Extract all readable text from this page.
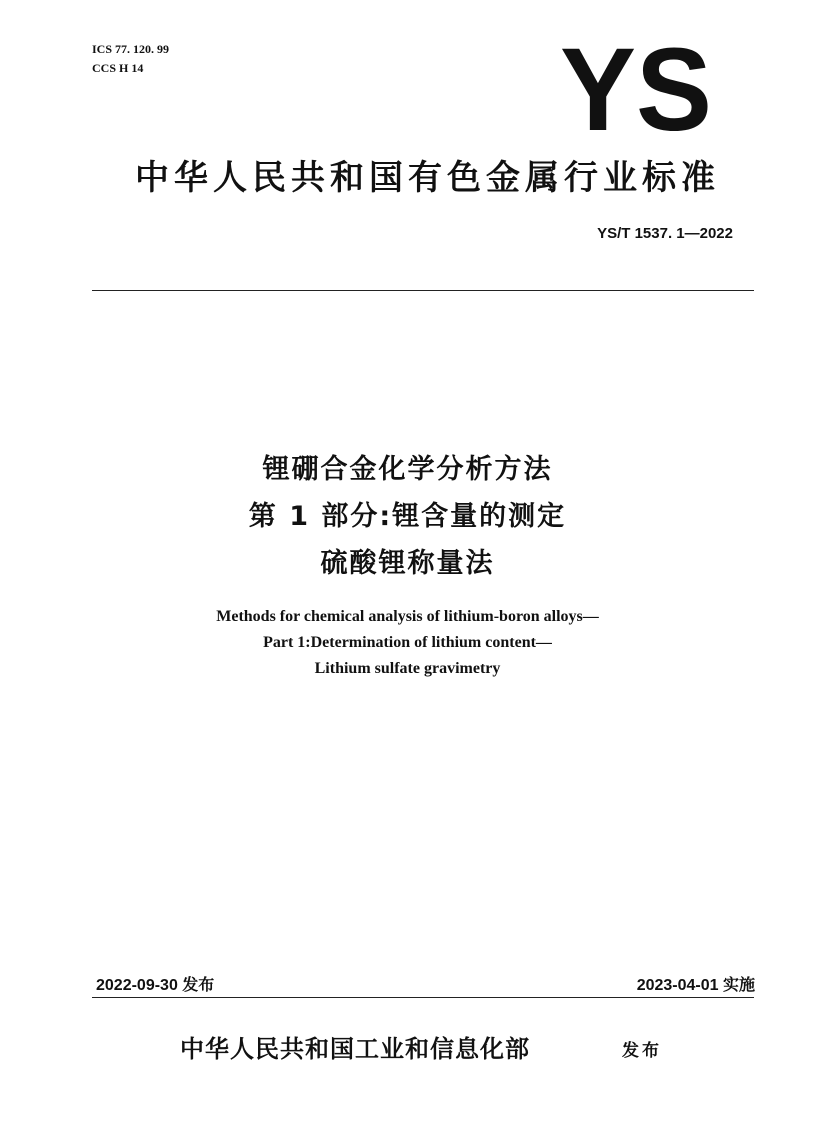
ICS 77. 120. 99
CCS H 14	YS
中华人民共和国有色金属行业标准
YS/T 1537. 1—2022
锂硼合金化学分析方法
第 1 部分:锂含量的测定
硫酸锂称量法
Methods for chemical analysis of lithium-boron alloys—
Part 1:Determination of lithium content—
Lithium sulfate gravimetry
2022-09-30 发布	2023-04-01 实施
中华人民共和国工业和信息化部	发布
